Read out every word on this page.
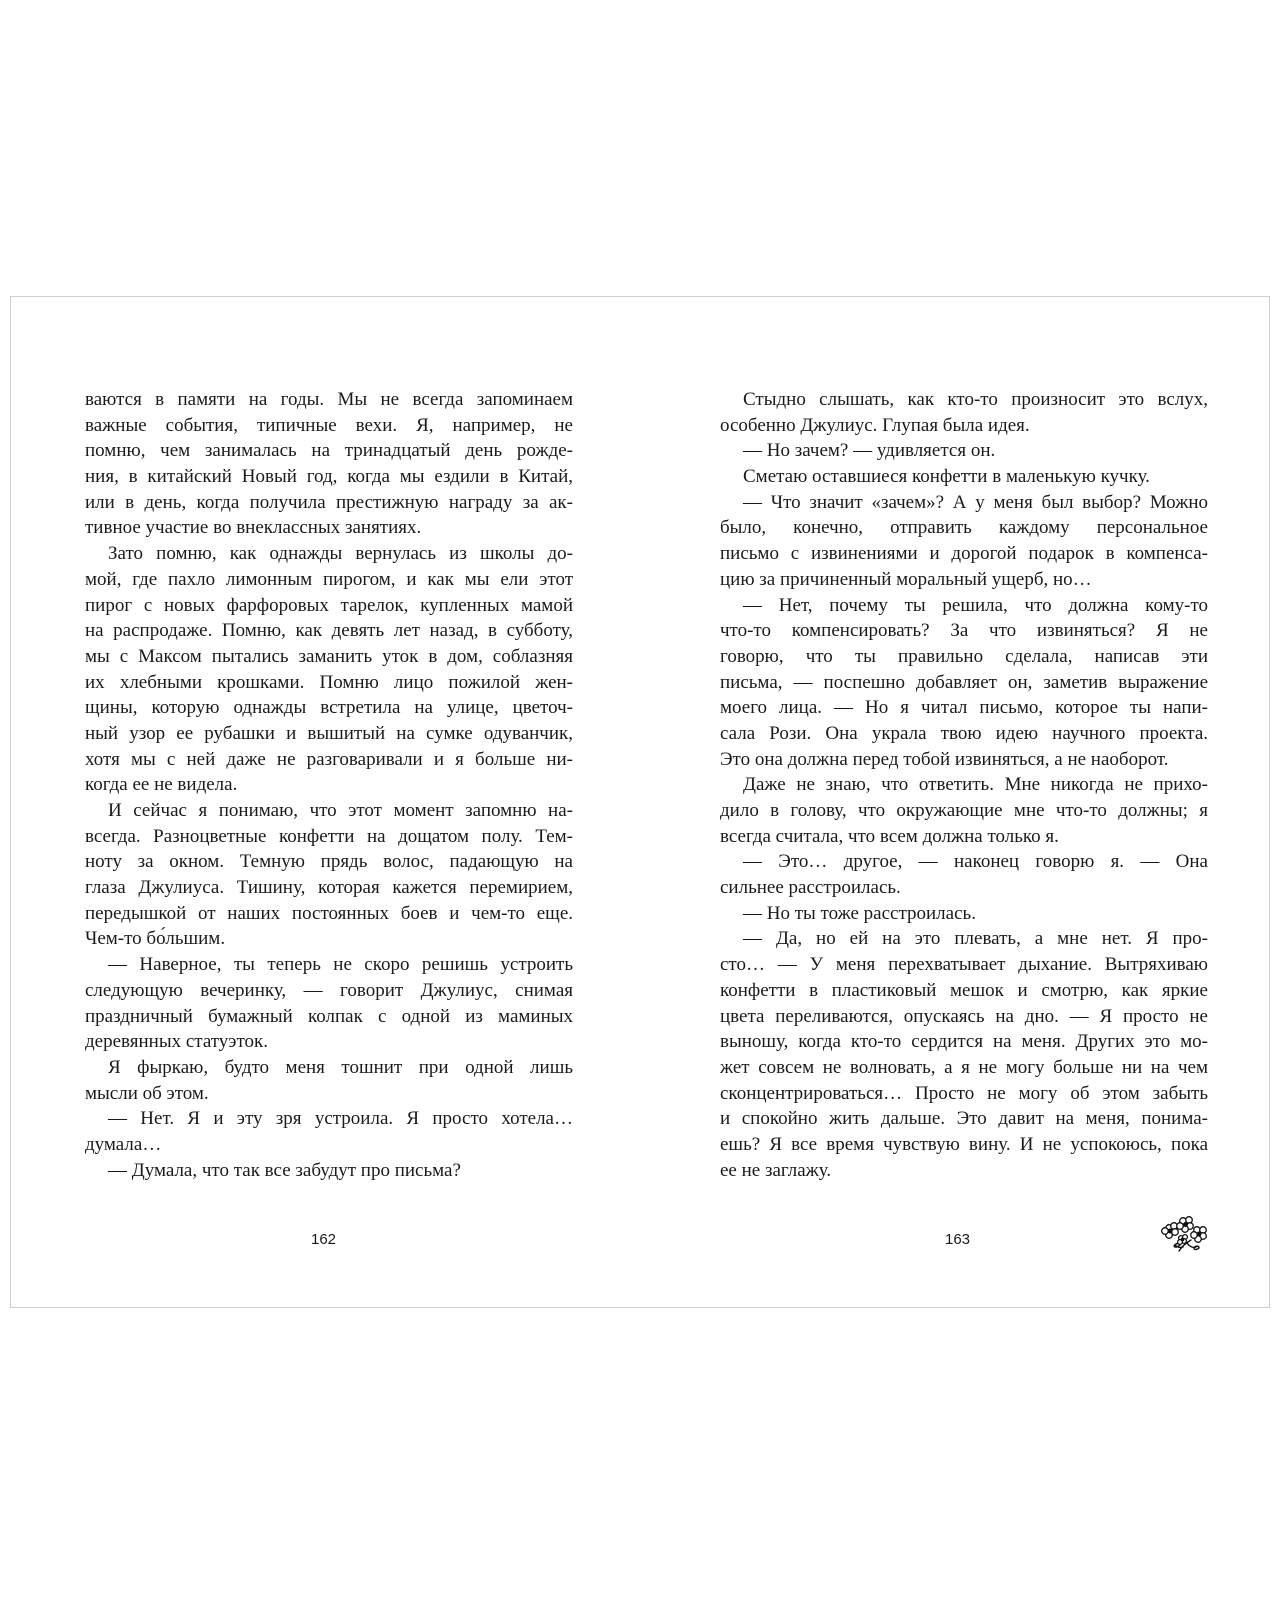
ваются в памяти на годы. Мы не всегда запоминаем
важные события, типичные вехи. Я, например, не
помню, чем занималась на тринадцатый день рожде-
ния, в китайский Новый год, когда мы ездили в Китай,
или в день, когда получила престижную награду за ак-
тивное участие во внеклассных занятиях.
Зато помню, как однажды вернулась из школы до-
мой, где пахло лимонным пирогом, и как мы ели этот
пирог с новых фарфоровых тарелок, купленных мамой
на распродаже. Помню, как девять лет назад, в субботу,
мы с Максом пытались заманить уток в дом, соблазняя
их хлебными крошками. Помню лицо пожилой жен-
щины, которую однажды встретила на улице, цветоч-
ный узор ее рубашки и вышитый на сумке одуванчик,
хотя мы с ней даже не разговаривали и я больше ни-
когда ее не видела.
И сейчас я понимаю, что этот момент запомню на-
всегда. Разноцветные конфетти на дощатом полу. Тем-
ноту за окном. Темную прядь волос, падающую на
глаза Джулиуса. Тишину, которая кажется перемирием,
передышкой от наших постоянных боев и чем-то еще.
Чем-то бо́льшим.
— Наверное, ты теперь не скоро решишь устроить
следующую вечеринку, — говорит Джулиус, снимая
праздничный бумажный колпак с одной из маминых
деревянных статуэток.
Я фыркаю, будто меня тошнит при одной лишь
мысли об этом.
— Нет. Я и эту зря устроила. Я просто хотела…
думала…
— Думала, что так все забудут про письма?
162
Стыдно слышать, как кто-то произносит это вслух,
особенно Джулиус. Глупая была идея.
— Но зачем? — удивляется он.
Сметаю оставшиеся конфетти в маленькую кучку.
— Что значит «зачем»? А у меня был выбор? Можно
было, конечно, отправить каждому персональное
письмо с извинениями и дорогой подарок в компенса-
цию за причиненный моральный ущерб, но…
— Нет, почему ты решила, что должна кому-то
что-то компенсировать? За что извиняться? Я не
говорю, что ты правильно сделала, написав эти
письма, — поспешно добавляет он, заметив выражение
моего лица. — Но я читал письмо, которое ты напи-
сала Рози. Она украла твою идею научного проекта.
Это она должна перед тобой извиняться, а не наоборот.
Даже не знаю, что ответить. Мне никогда не прихо-
дило в голову, что окружающие мне что-то должны; я
всегда считала, что всем должна только я.
— Это… другое, — наконец говорю я. — Она
сильнее расстроилась.
— Но ты тоже расстроилась.
— Да, но ей на это плевать, а мне нет. Я про-
сто… — У меня перехватывает дыхание. Вытряхиваю
конфетти в пластиковый мешок и смотрю, как яркие
цвета переливаются, опускаясь на дно. — Я просто не
выношу, когда кто-то сердится на меня. Других это мо-
жет совсем не волновать, а я не могу больше ни на чем
сконцентрироваться… Просто не могу об этом забыть
и спокойно жить дальше. Это давит на меня, понима-
ешь? Я все время чувствую вину. И не успокоюсь, пока
ее не заглажу.
163
